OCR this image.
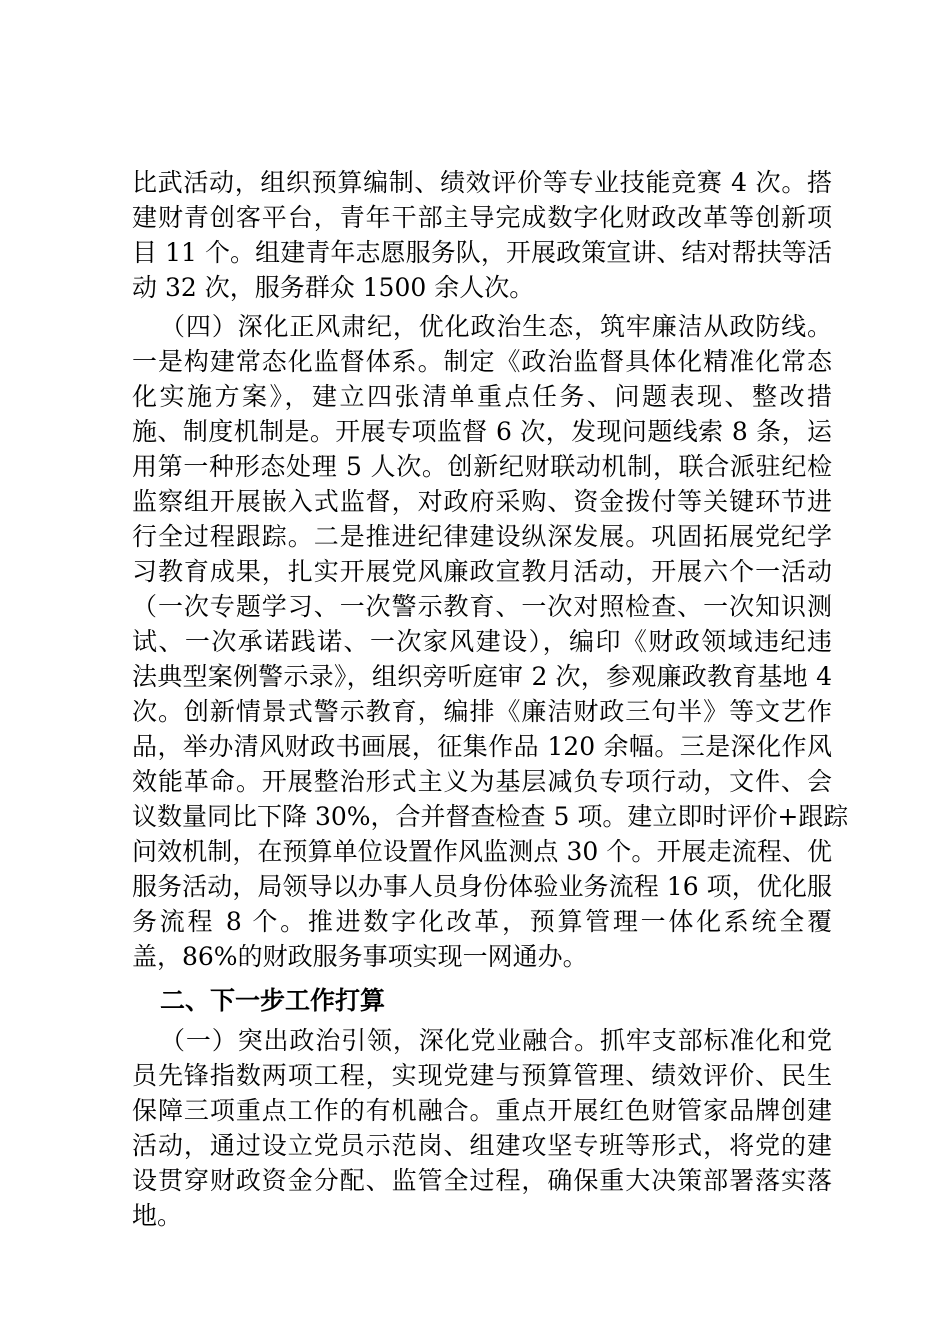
比武活动，组织预算编制、绩效评价等专业技能竞赛 4 次。搭
建财青创客平台，青年干部主导完成数字化财政改革等创新项
目 11 个。组建青年志愿服务队，开展政策宣讲、结对帮扶等活
动 32 次，服务群众 1500 余人次。
（四）深化正风肃纪，优化政治生态，筑牢廉洁从政防线。
一是构建常态化监督体系。制定《政治监督具体化精准化常态
化实施方案》，建立四张清单重点任务、问题表现、整改措
施、制度机制是。开展专项监督 6 次，发现问题线索 8 条，运
用第一种形态处理 5 人次。创新纪财联动机制，联合派驻纪检
监察组开展嵌入式监督，对政府采购、资金拨付等关键环节进
行全过程跟踪。二是推进纪律建设纵深发展。巩固拓展党纪学
习教育成果，扎实开展党风廉政宣教月活动，开展六个一活动
（一次专题学习、一次警示教育、一次对照检查、一次知识测
试、一次承诺践诺、一次家风建设），编印《财政领域违纪违
法典型案例警示录》，组织旁听庭审 2 次，参观廉政教育基地 4
次。创新情景式警示教育，编排《廉洁财政三句半》等文艺作
品，举办清风财政书画展，征集作品 120 余幅。三是深化作风
效能革命。开展整治形式主义为基层减负专项行动，文件、会
议数量同比下降 30%，合并督查检查 5 项。建立即时评价+跟踪
问效机制，在预算单位设置作风监测点 30 个。开展走流程、优
服务活动，局领导以办事人员身份体验业务流程 16 项，优化服
务流程 8 个。推进数字化改革，预算管理一体化系统全覆
盖，86%的财政服务事项实现一网通办。
二、下一步工作打算
（一）突出政治引领，深化党业融合。抓牢支部标准化和党
员先锋指数两项工程，实现党建与预算管理、绩效评价、民生
保障三项重点工作的有机融合。重点开展红色财管家品牌创建
活动，通过设立党员示范岗、组建攻坚专班等形式，将党的建
设贯穿财政资金分配、监管全过程，确保重大决策部署落实落
地。
